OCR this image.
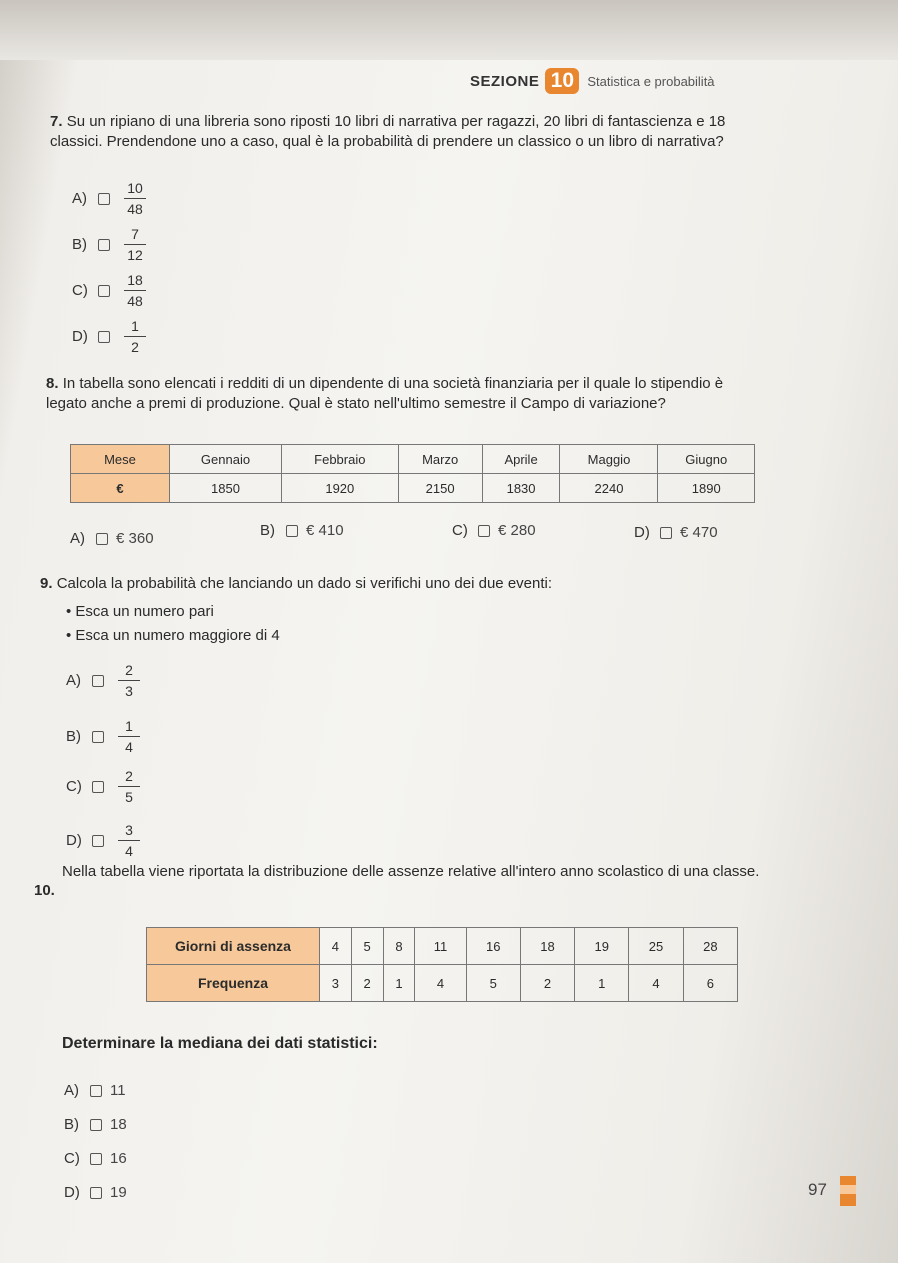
SEZIONE 10	Statistica e probabilità
7. Su un ripiano di una libreria sono riposti 10 libri di narrativa per ragazzi, 20 libri di fantascienza e 18 classici. Prendendone uno a caso, qual è la probabilità di prendere un classico o un libro di narrativa?
A)	$\frac{10}{48}$
B)	$\frac{7}{12}$
C)	$\frac{18}{48}$
D)	$\frac{1}{2}$
8. In tabella sono elencati i redditi di un dipendente di una società finanziaria per il quale lo stipendio è legato anche a premi di produzione. Qual è stato nell'ultimo semestre il Campo di variazione?
Mese	Gennaio	Febbraio	Marzo	Aprile	Maggio	Giugno
€	1850	1920	2150	1830	2240	1890
A)	€ 360	B)	€ 410	C)	€ 280	D)	€ 470
9. Calcola la probabilità che lanciando un dado si verifichi uno dei due eventi:
• Esca un numero pari
• Esca un numero maggiore di 4
A)	$\frac{2}{3}$
B)	$\frac{1}{4}$
C)	$\frac{2}{5}$
D)	$\frac{3}{4}$
10.
Nella tabella viene riportata la distribuzione delle assenze relative all'intero anno scolastico di una classe.
Giorni di assenza	4	5	8	11	16	18	19	25	28
Frequenza	3	2	1	4	5	2	1	4	6
Determinare la mediana dei dati statistici:
A)	11
B)	18
C)	16
D)	19	97
